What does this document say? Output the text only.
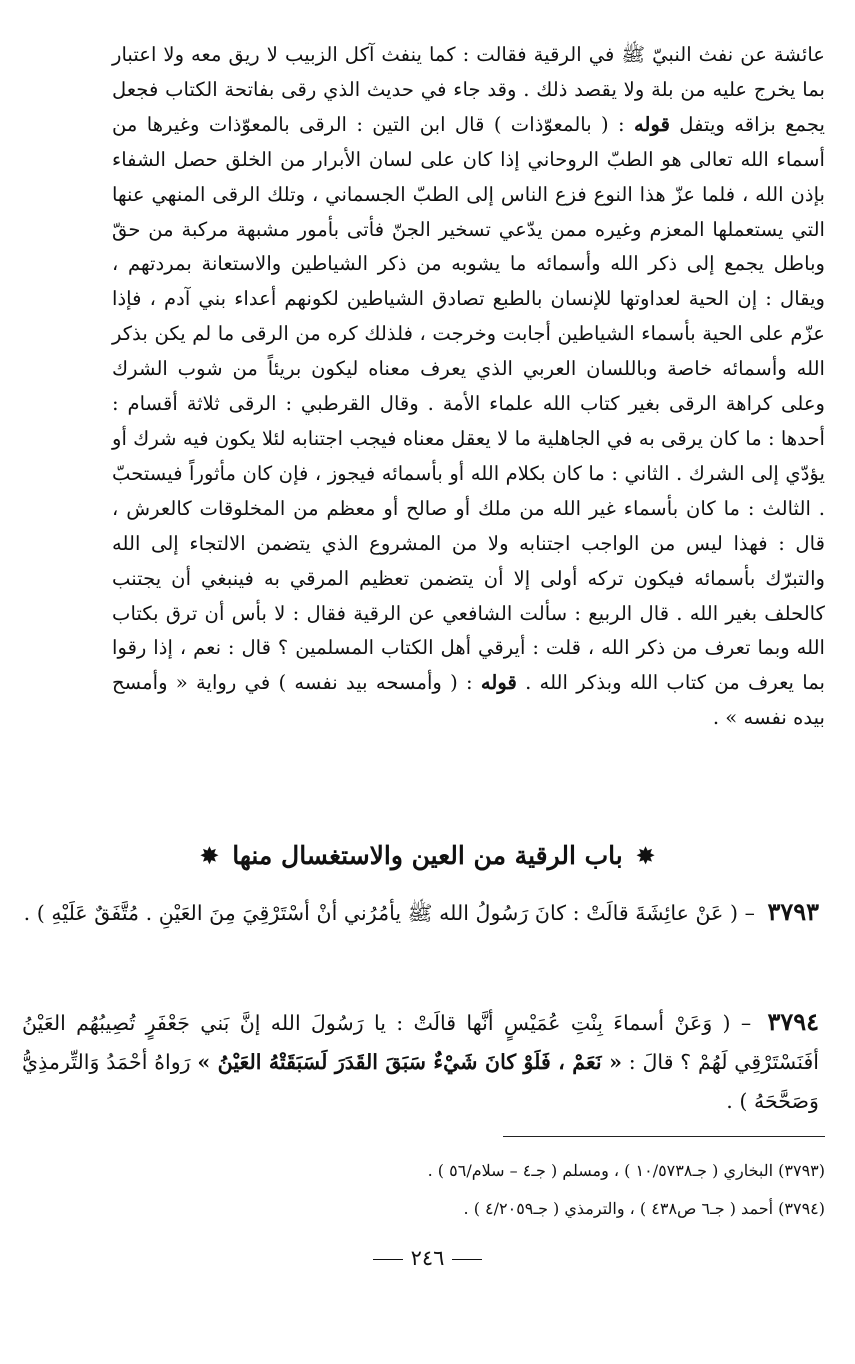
عائشة عن نفث النبيّ ﷺ في الرقية فقالت : كما ينفث آكل الزبيب لا ريق معه ولا اعتبار بما يخرج عليه من بلة ولا يقصد ذلك . وقد جاء في حديث الذي رقى بفاتحة الكتاب فجعل يجمع بزاقه ويتفل قوله : ( بالمعوّذات ) قال ابن التين : الرقى بالمعوّذات وغيرها من أسماء الله تعالى هو الطبّ الروحاني إذا كان على لسان الأبرار من الخلق حصل الشفاء بإذن الله ، فلما عزّ هذا النوع فزع الناس إلى الطبّ الجسماني ، وتلك الرقى المنهي عنها التي يستعملها المعزم وغيره ممن يدّعي تسخير الجنّ فأتى بأمور مشبهة مركبة من حقّ وباطل يجمع إلى ذكر الله وأسمائه ما يشوبه من ذكر الشياطين والاستعانة بمردتهم ، ويقال : إن الحية لعداوتها للإنسان بالطبع تصادق الشياطين لكونهم أعداء بني آدم ، فإذا عزّم على الحية بأسماء الشياطين أجابت وخرجت ، فلذلك كره من الرقى ما لم يكن بذكر الله وأسمائه خاصة وباللسان العربي الذي يعرف معناه ليكون بريئاً من شوب الشرك وعلى كراهة الرقى بغير كتاب الله علماء الأمة . وقال القرطبي : الرقى ثلاثة أقسام : أحدها : ما كان يرقى به في الجاهلية ما لا يعقل معناه فيجب اجتنابه لئلا يكون فيه شرك أو يؤدّي إلى الشرك . الثاني : ما كان بكلام الله أو بأسمائه فيجوز ، فإن كان مأثوراً فيستحبّ . الثالث : ما كان بأسماء غير الله من ملك أو صالح أو معظم من المخلوقات كالعرش ، قال : فهذا ليس من الواجب اجتنابه ولا من المشروع الذي يتضمن الالتجاء إلى الله والتبرّك بأسمائه فيكون تركه أولى إلا أن يتضمن تعظيم المرقي به فينبغي أن يجتنب كالحلف بغير الله . قال الربيع : سألت الشافعي عن الرقية فقال : لا بأس أن ترق بكتاب الله وبما تعرف من ذكر الله ، قلت : أيرقي أهل الكتاب المسلمين ؟ قال : نعم ، إذا رقوا بما يعرف من كتاب الله وبذكر الله . قوله : ( وأمسحه بيد نفسه ) في رواية « وأمسح بيده نفسه » .
✸ باب الرقية من العين والاستغسال منها ✸
٣٧٩٣ – ( عَنْ عائِشَةَ قالَتْ : كانَ رَسُولُ الله ﷺ يأمُرُني أنْ أسْتَرْقِيَ مِنَ العَيْنِ . مُتَّفَقٌ عَلَيْهِ ) .
٣٧٩٤ – ( وَعَنْ أسماءَ بِنْتِ عُمَيْسٍ أنَّها قالَتْ : يا رَسُولَ الله إنَّ بَني جَعْفَرٍ تُصِيبُهُم العَيْنُ أفَنَسْتَرْقِي لَهُمْ ؟ قالَ : « نَعَمْ ، فَلَوْ كانَ شَيْءٌ سَبَقَ القَدَرَ لَسَبَقَتْهُ العَيْنُ » رَواهُ أحْمَدُ وَالتِّرمذِيُّ وَصَحَّحَهُ ) .
(٣٧٩٣) البخاري ( جـ١٠/٥٧٣٨ ) ، ومسلم ( جـ٤ – سلام/٥٦ ) .
(٣٧٩٤) أحمد ( جـ٦ ص٤٣٨ ) ، والترمذي ( جـ٤/٢٠٥٩ ) .
٢٤٦
